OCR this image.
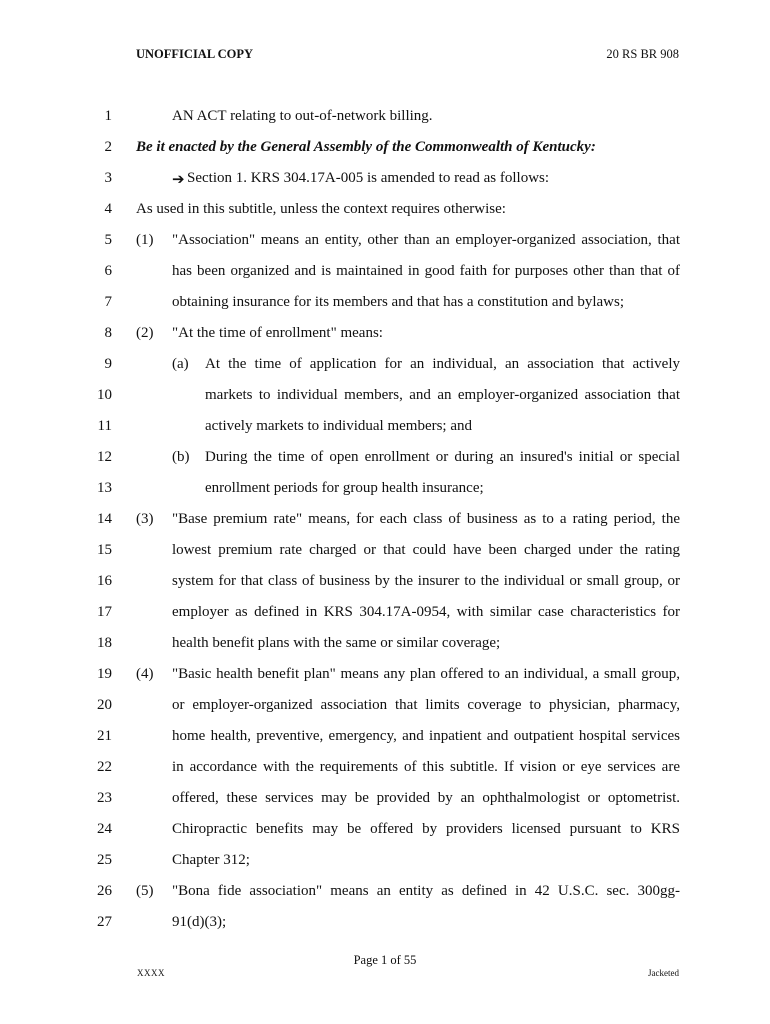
UNOFFICIAL COPY	20 RS BR 908
1	AN ACT relating to out-of-network billing.
2 Be it enacted by the General Assembly of the Commonwealth of Kentucky:
3	➔ Section 1. KRS 304.17A-005 is amended to read as follows:
4 As used in this subtitle, unless the context requires otherwise:
5 (1) "Association" means an entity, other than an employer-organized association, that
6	has been organized and is maintained in good faith for purposes other than that of
7	obtaining insurance for its members and that has a constitution and bylaws;
8 (2) "At the time of enrollment" means:
9	(a) At the time of application for an individual, an association that actively
10	markets to individual members, and an employer-organized association that
11	actively markets to individual members; and
12	(b) During the time of open enrollment or during an insured's initial or special
13	enrollment periods for group health insurance;
14 (3) "Base premium rate" means, for each class of business as to a rating period, the
15	lowest premium rate charged or that could have been charged under the rating
16	system for that class of business by the insurer to the individual or small group, or
17	employer as defined in KRS 304.17A-0954, with similar case characteristics for
18	health benefit plans with the same or similar coverage;
19 (4) "Basic health benefit plan" means any plan offered to an individual, a small group,
20	or employer-organized association that limits coverage to physician, pharmacy,
21	home health, preventive, emergency, and inpatient and outpatient hospital services
22	in accordance with the requirements of this subtitle. If vision or eye services are
23	offered, these services may be provided by an ophthalmologist or optometrist.
24	Chiropractic benefits may be offered by providers licensed pursuant to KRS
25	Chapter 312;
26 (5) "Bona fide association" means an entity as defined in 42 U.S.C. sec. 300gg-
27	91(d)(3);
Page 1 of 55
XXXX	Jacketed
